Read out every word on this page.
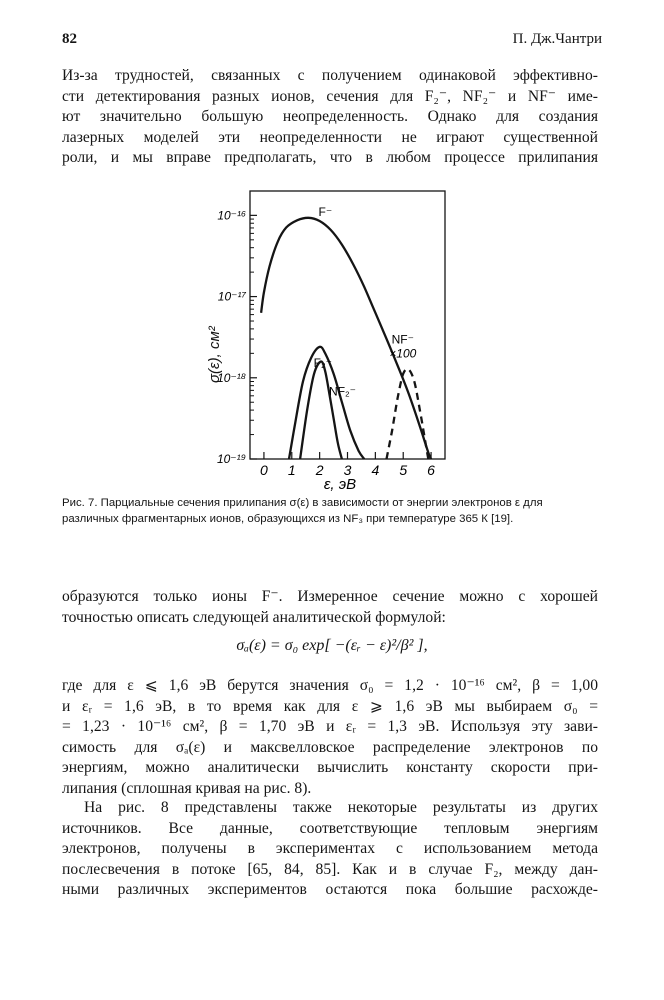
82	П. Дж.Чантри
Из-за трудностей, связанных с получением одинаковой эффективно-
сти детектирования разных ионов, сечения для F₂⁻, NF₂⁻ и NF⁻ име-
ют значительно большую неопределенность. Однако для создания
лазерных моделей эти неопределенности не играют существенной
роли, и мы вправе предполагать, что в любом процессе прилипания
σ(ε), см²
10⁻¹⁶
10⁻¹⁷
10⁻¹⁸
10⁻¹⁹
0 1 2 3 4 5 6
F⁻
F₂⁻
NF₂⁻
NF⁻
×100
ε, эВ
Рис. 7. Парциальные сечения прилипания σ(ε) в зависимости от энергии электронов ε для различных фрагментарных ионов, образующихся из NF₃ при температуре 365 К [19].
образуются только ионы F⁻. Измеренное сечение можно с хорошей
точностью описать следующей аналитической формулой:
σₐ(ε) = σ₀ exp[ −(εᵣ − ε)²/β² ],
где для ε ⩽ 1,6 эВ берутся значения σ₀ = 1,2 · 10⁻¹⁶ см², β = 1,00
и εᵣ = 1,6 эВ, в то время как для ε ⩾ 1,6 эВ мы выбираем σ₀ =
= 1,23 · 10⁻¹⁶ см², β = 1,70 эВ и εᵣ = 1,3 эВ. Используя эту зави-
симость для σₐ(ε) и максвелловское распределение электронов по
энергиям, можно аналитически вычислить константу скорости при-
липания (сплошная кривая на рис. 8).
На рис. 8 представлены также некоторые результаты из других
источников. Все данные, соответствующие тепловым энергиям
электронов, получены в экспериментах с использованием метода
послесвечения в потоке [65, 84, 85]. Как и в случае F₂, между дан-
ными различных экспериментов остаются пока большие расхожде-
